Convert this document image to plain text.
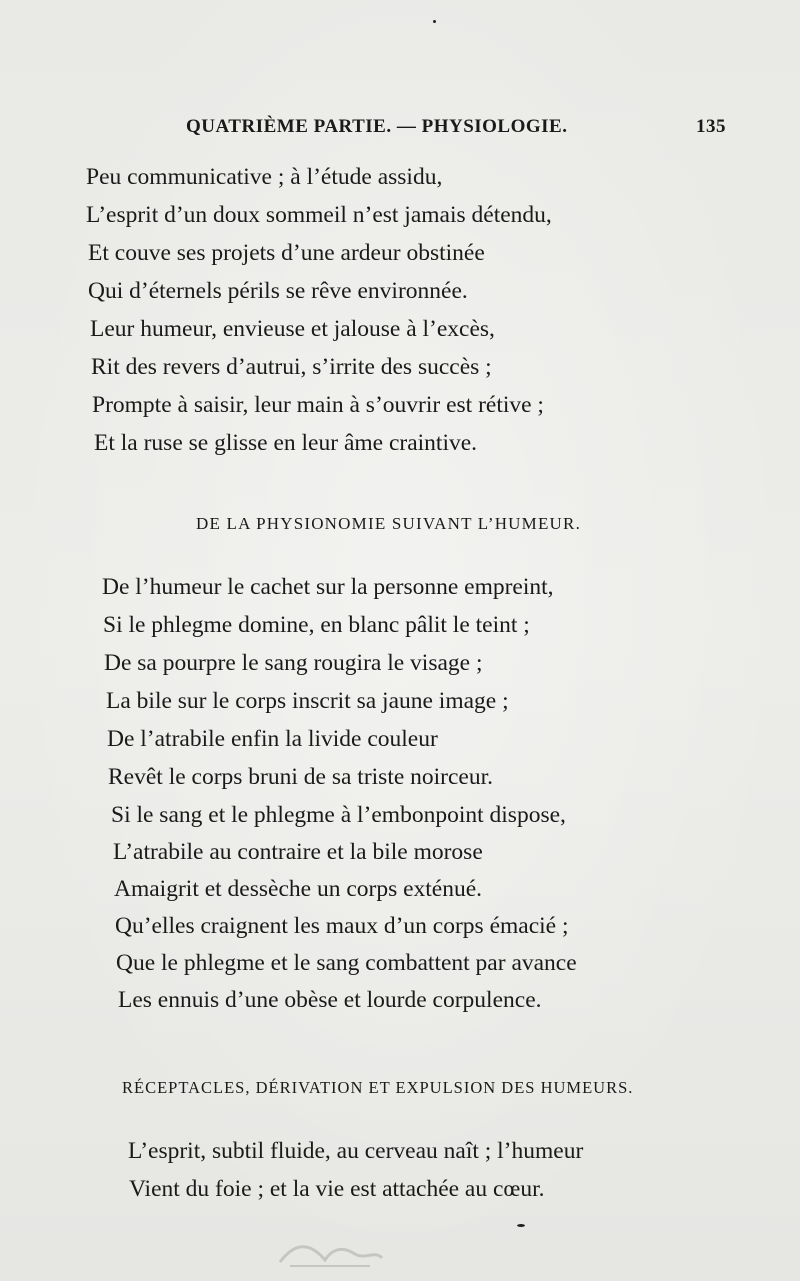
QUATRIÈME PARTIE. — PHYSIOLOGIE.	135
Peu communicative ; à l’étude assidu,
L’esprit d’un doux sommeil n’est jamais détendu,
Et couve ses projets d’une ardeur obstinée
Qui d’éternels périls se rêve environnée.
Leur humeur, envieuse et jalouse à l’excès,
Rit des revers d’autrui, s’irrite des succès ;
Prompte à saisir, leur main à s’ouvrir est rétive ;
Et la ruse se glisse en leur âme craintive.
DE LA PHYSIONOMIE SUIVANT L’HUMEUR.
De l’humeur le cachet sur la personne empreint,
Si le phlegme domine, en blanc pâlit le teint ;
De sa pourpre le sang rougira le visage ;
La bile sur le corps inscrit sa jaune image ;
De l’atrabile enfin la livide couleur
Revêt le corps bruni de sa triste noirceur.
Si le sang et le phlegme à l’embonpoint dispose,
L’atrabile au contraire et la bile morose
Amaigrit et dessèche un corps exténué.
Qu’elles craignent les maux d’un corps émacié ;
Que le phlegme et le sang combattent par avance
Les ennuis d’une obèse et lourde corpulence.
RÉCEPTACLES, DÉRIVATION ET EXPULSION DES HUMEURS.
L’esprit, subtil fluide, au cerveau naît ; l’humeur
Vient du foie ; et la vie est attachée au cœur.
